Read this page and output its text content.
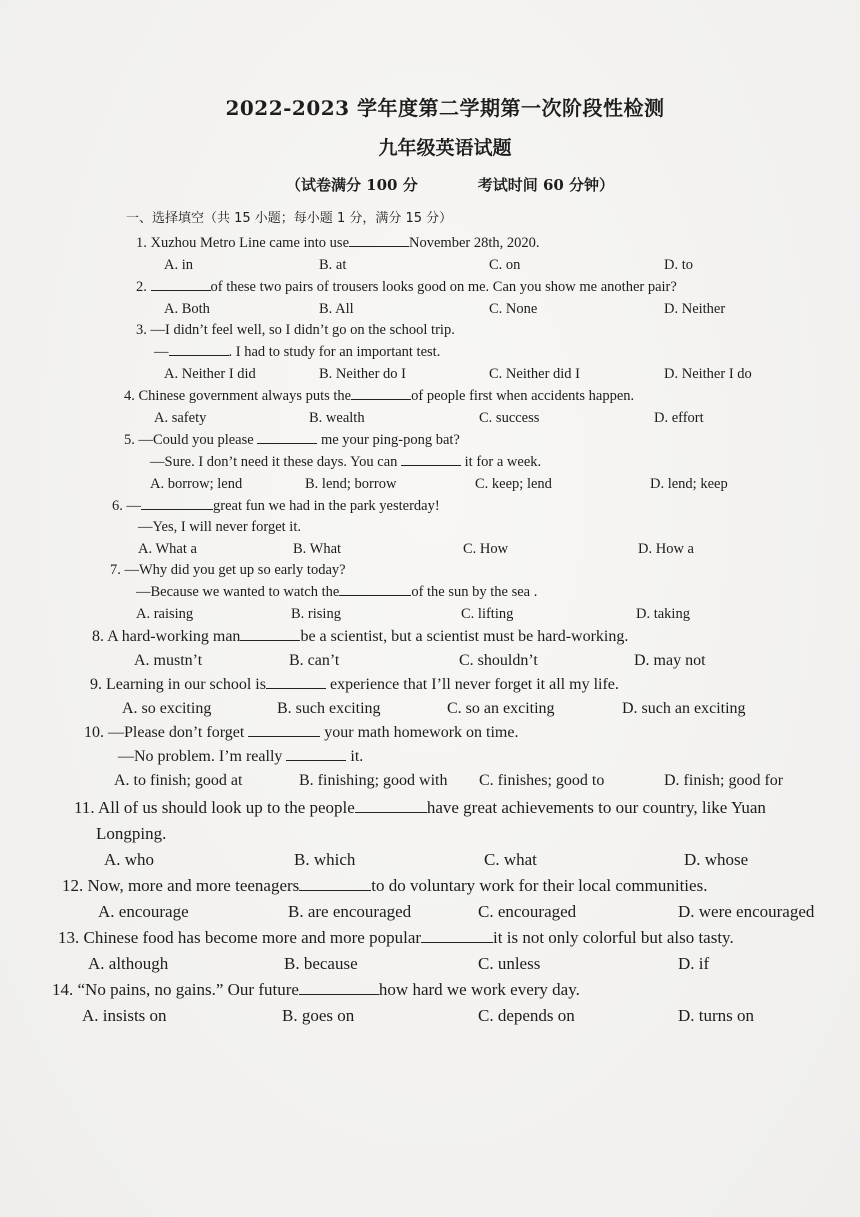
2022-2023 学年度第二学期第一次阶段性检测
九年级英语试题
（试卷满分 100 分	考试时间 60 分钟）
一、选择填空（共 15 小题；每小题 1 分，满分 15 分）
1. Xuzhou Metro Line came into use	November 28th, 2020.
A. in	B. at	C. on	D. to
2.	of these two pairs of trousers looks good on me. Can you show me another pair?
A. Both	B. All	C. None	D. Neither
3. —I didn’t feel well, so I didn’t go on the school trip.
—	. I had to study for an important test.
A. Neither I did	B. Neither do I	C. Neither did I	D. Neither I do
4. Chinese government always puts the	of people first when accidents happen.
A. safety	B. wealth	C. success	D. effort
5. —Could you please	me your ping-pong bat?
—Sure. I don’t need it these days. You can	it for a week.
A. borrow; lend	B. lend; borrow	C. keep; lend	D. lend; keep
6. —	great fun we had in the park yesterday!
—Yes, I will never forget it.
A. What a	B. What	C. How	D. How a
7. —Why did you get up so early today?
—Because we wanted to watch the	of the sun by the sea .
A. raising	B. rising	C. lifting	D. taking
8. A hard-working man	be a scientist, but a scientist must be hard-working.
A. mustn’t	B. can’t	C. shouldn’t	D. may not
9. Learning in our school is	experience that I’ll never forget it all my life.
A. so exciting	B. such exciting	C. so an exciting	D. such an exciting
10. —Please don’t forget	your math homework on time.
—No problem. I’m really	it.
A. to finish; good at	B. finishing; good with	C. finishes; good to	D. finish; good for
11. All of us should look up to the people	have great achievements to our country, like Yuan
Longping.
A. who	B. which	C. what	D. whose
12. Now, more and more teenagers	to do voluntary work for their local communities.
A. encourage	B. are encouraged	C. encouraged	D. were encouraged
13. Chinese food has become more and more popular	it is not only colorful but also tasty.
A. although	B. because	C. unless	D. if
14. “No pains, no gains.” Our future	how hard we work every day.
A. insists on	B. goes on	C. depends on	D. turns on
